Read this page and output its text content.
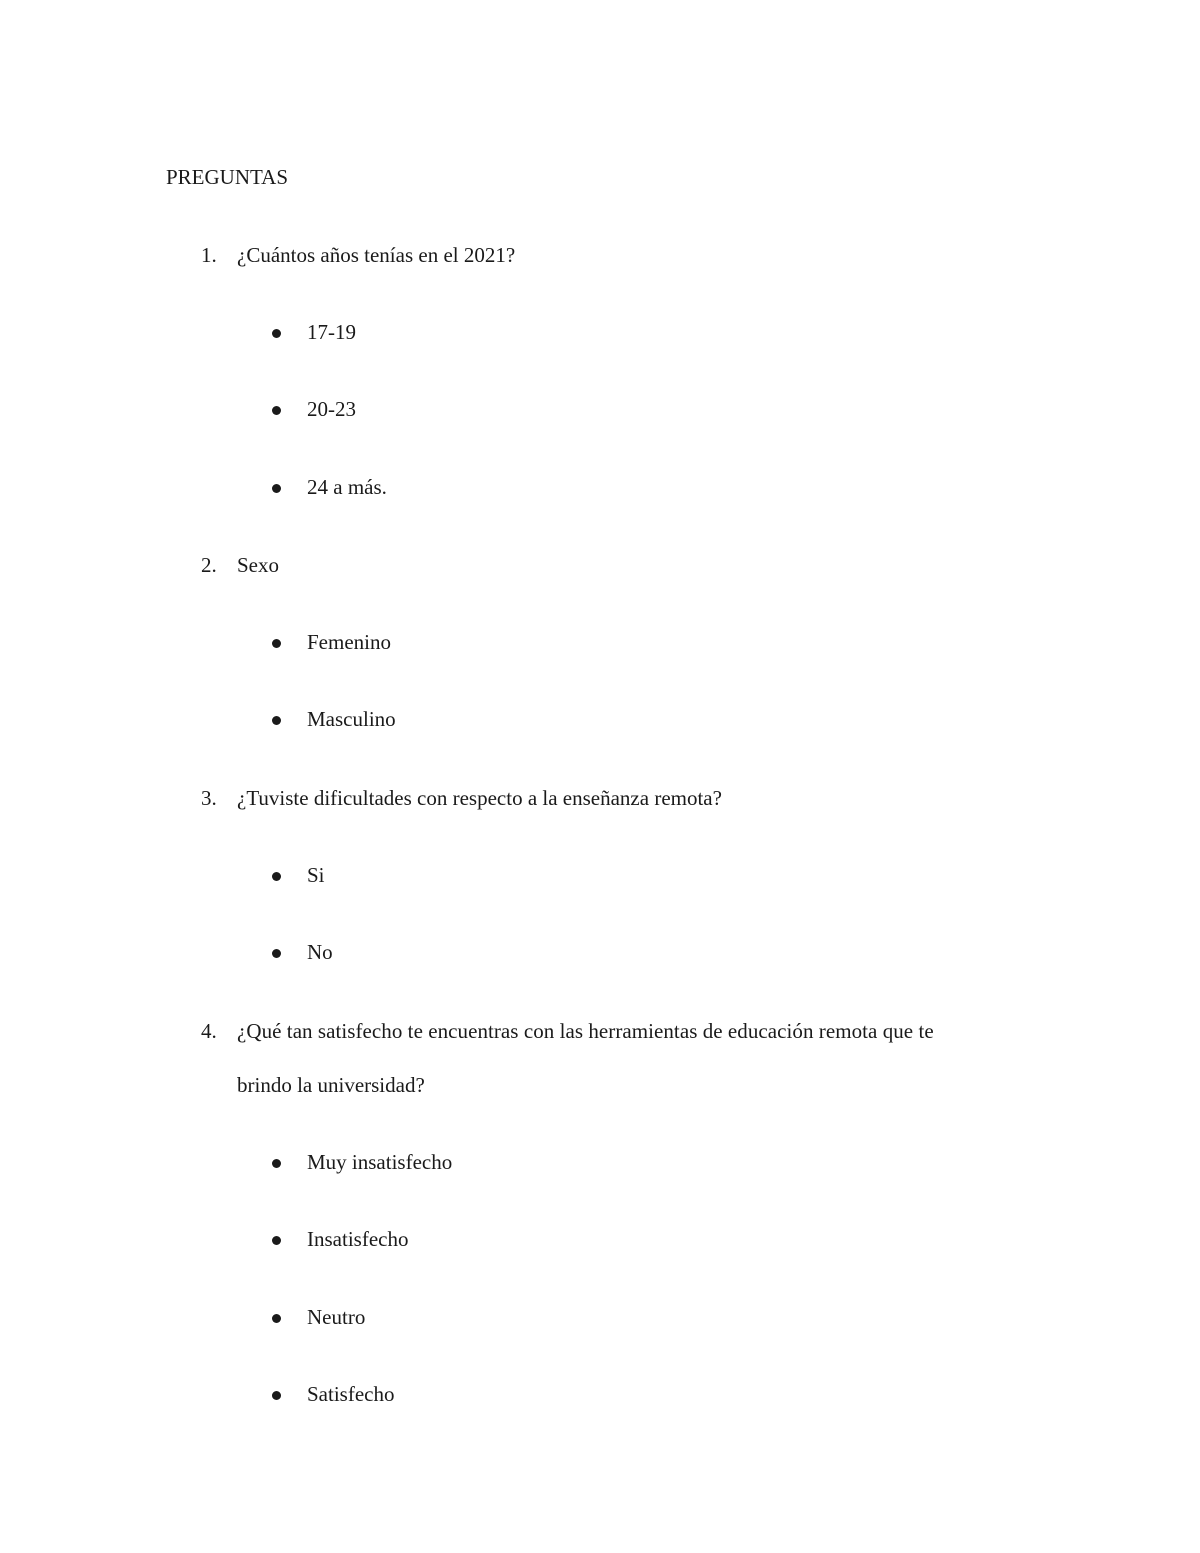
PREGUNTAS
1. ¿Cuántos años tenías en el 2021?
17-19
20-23
24 a más.
2. Sexo
Femenino
Masculino
3. ¿Tuviste dificultades con respecto a la enseñanza remota?
Si
No
4. ¿Qué tan satisfecho te encuentras con las herramientas de educación remota que te
brindo la universidad?
Muy insatisfecho
Insatisfecho
Neutro
Satisfecho
